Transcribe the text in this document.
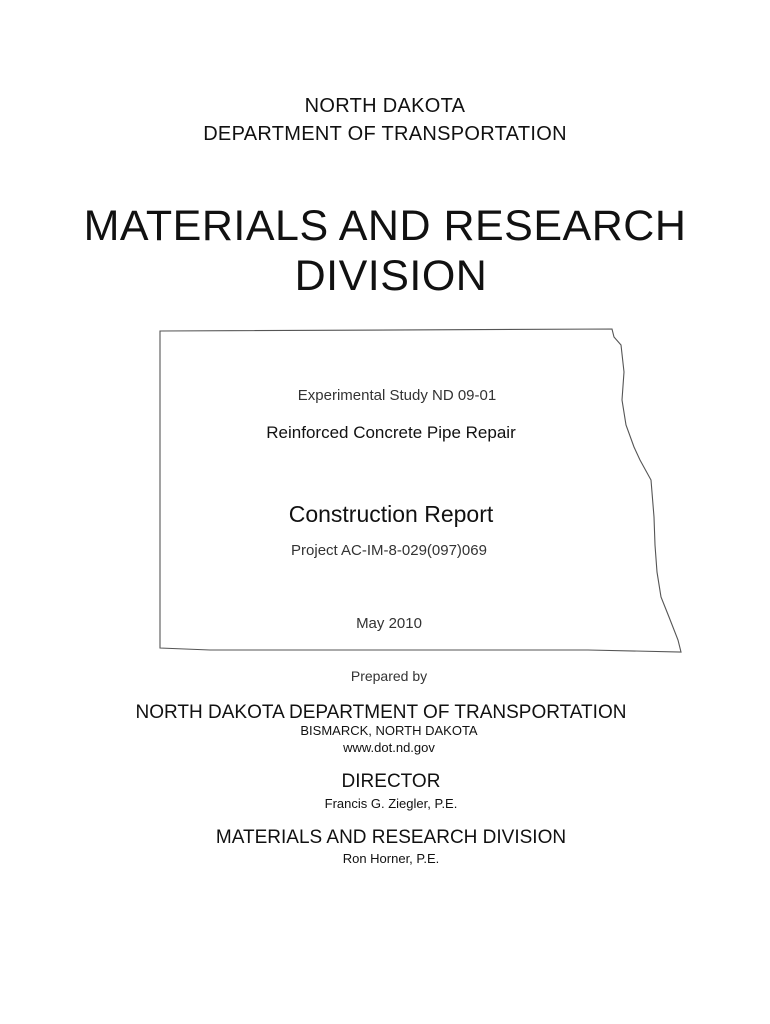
NORTH DAKOTA
DEPARTMENT OF TRANSPORTATION
MATERIALS AND RESEARCH
DIVISION
Experimental Study ND 09-01
Reinforced Concrete Pipe Repair
Construction Report
Project AC-IM-8-029(097)069
May 2010
Prepared by
NORTH DAKOTA DEPARTMENT OF TRANSPORTATION
BISMARCK, NORTH DAKOTA
www.dot.nd.gov
DIRECTOR
Francis G. Ziegler, P.E.
MATERIALS AND RESEARCH DIVISION
Ron Horner, P.E.
